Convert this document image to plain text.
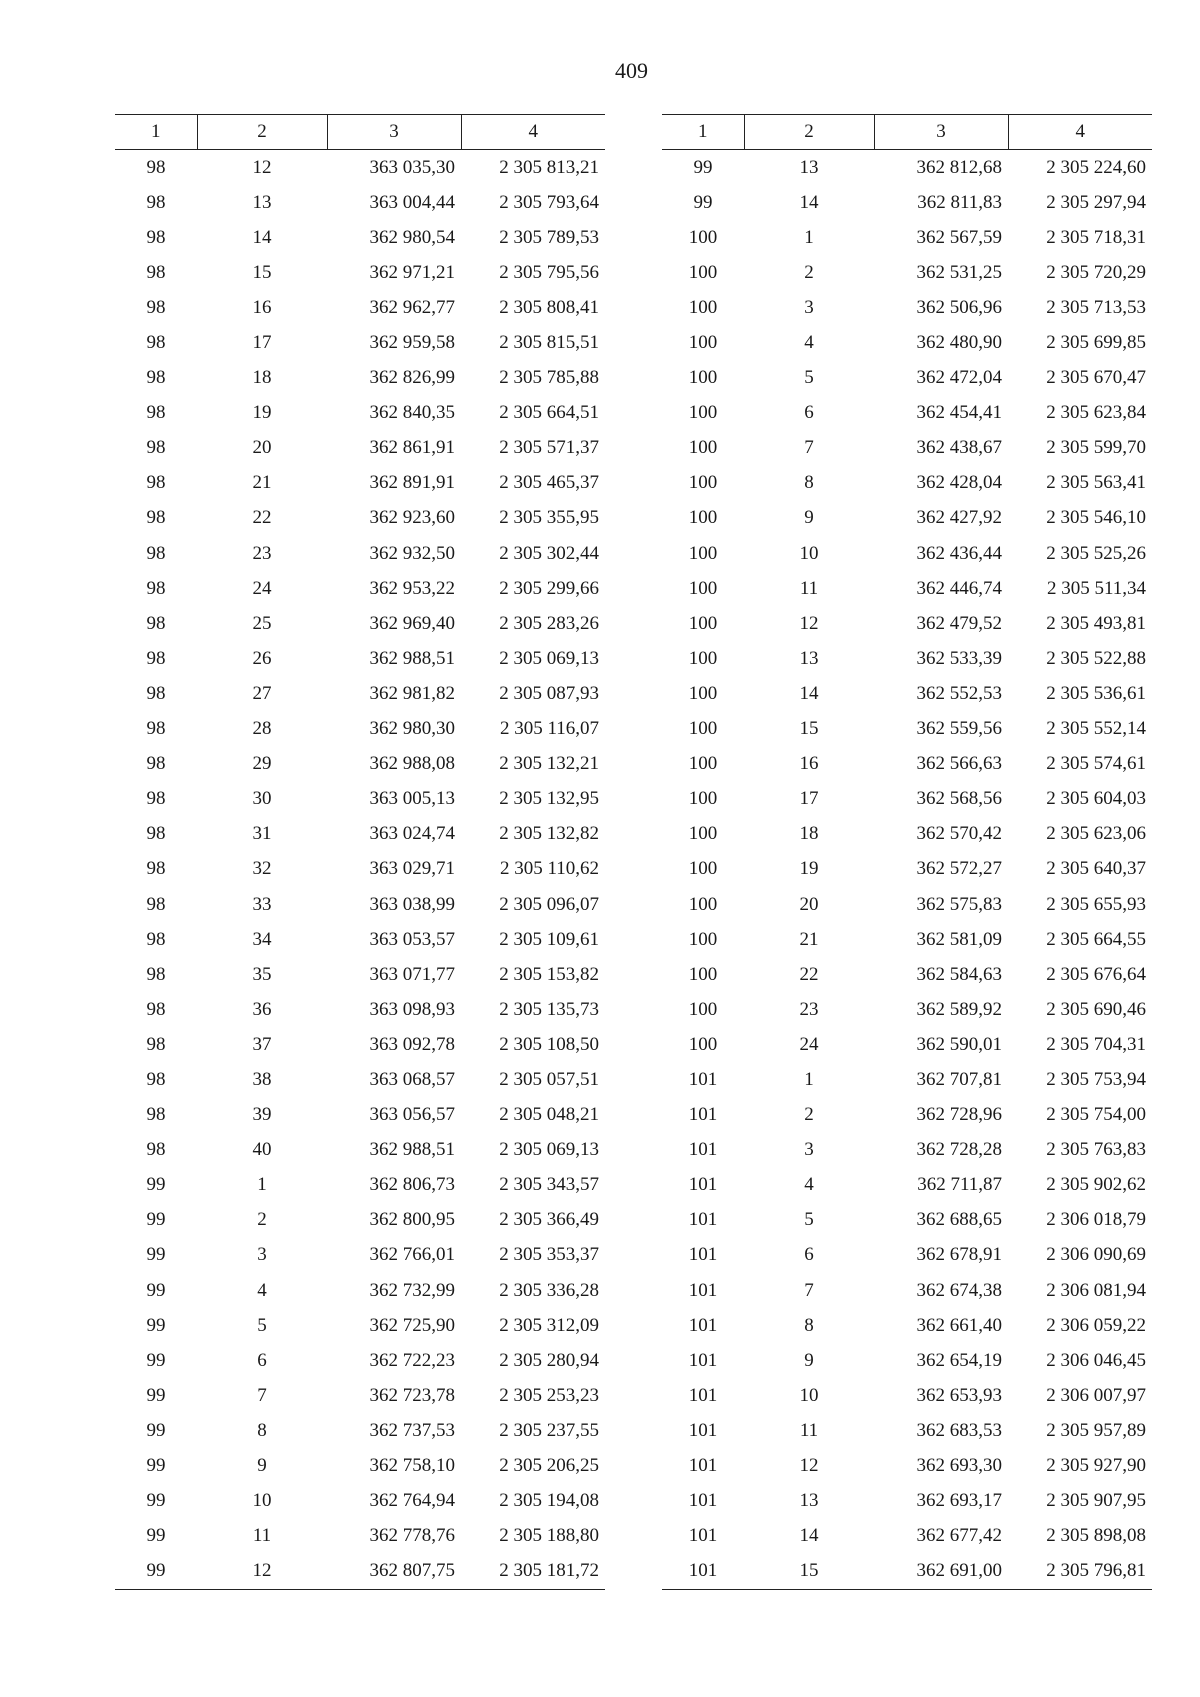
409
1	2	3	4
98	12	363 035,30	2 305 813,21
98	13	363 004,44	2 305 793,64
98	14	362 980,54	2 305 789,53
98	15	362 971,21	2 305 795,56
98	16	362 962,77	2 305 808,41
98	17	362 959,58	2 305 815,51
98	18	362 826,99	2 305 785,88
98	19	362 840,35	2 305 664,51
98	20	362 861,91	2 305 571,37
98	21	362 891,91	2 305 465,37
98	22	362 923,60	2 305 355,95
98	23	362 932,50	2 305 302,44
98	24	362 953,22	2 305 299,66
98	25	362 969,40	2 305 283,26
98	26	362 988,51	2 305 069,13
98	27	362 981,82	2 305 087,93
98	28	362 980,30	2 305 116,07
98	29	362 988,08	2 305 132,21
98	30	363 005,13	2 305 132,95
98	31	363 024,74	2 305 132,82
98	32	363 029,71	2 305 110,62
98	33	363 038,99	2 305 096,07
98	34	363 053,57	2 305 109,61
98	35	363 071,77	2 305 153,82
98	36	363 098,93	2 305 135,73
98	37	363 092,78	2 305 108,50
98	38	363 068,57	2 305 057,51
98	39	363 056,57	2 305 048,21
98	40	362 988,51	2 305 069,13
99	1	362 806,73	2 305 343,57
99	2	362 800,95	2 305 366,49
99	3	362 766,01	2 305 353,37
99	4	362 732,99	2 305 336,28
99	5	362 725,90	2 305 312,09
99	6	362 722,23	2 305 280,94
99	7	362 723,78	2 305 253,23
99	8	362 737,53	2 305 237,55
99	9	362 758,10	2 305 206,25
99	10	362 764,94	2 305 194,08
99	11	362 778,76	2 305 188,80
99	12	362 807,75	2 305 181,72
1	2	3	4
99	13	362 812,68	2 305 224,60
99	14	362 811,83	2 305 297,94
100	1	362 567,59	2 305 718,31
100	2	362 531,25	2 305 720,29
100	3	362 506,96	2 305 713,53
100	4	362 480,90	2 305 699,85
100	5	362 472,04	2 305 670,47
100	6	362 454,41	2 305 623,84
100	7	362 438,67	2 305 599,70
100	8	362 428,04	2 305 563,41
100	9	362 427,92	2 305 546,10
100	10	362 436,44	2 305 525,26
100	11	362 446,74	2 305 511,34
100	12	362 479,52	2 305 493,81
100	13	362 533,39	2 305 522,88
100	14	362 552,53	2 305 536,61
100	15	362 559,56	2 305 552,14
100	16	362 566,63	2 305 574,61
100	17	362 568,56	2 305 604,03
100	18	362 570,42	2 305 623,06
100	19	362 572,27	2 305 640,37
100	20	362 575,83	2 305 655,93
100	21	362 581,09	2 305 664,55
100	22	362 584,63	2 305 676,64
100	23	362 589,92	2 305 690,46
100	24	362 590,01	2 305 704,31
101	1	362 707,81	2 305 753,94
101	2	362 728,96	2 305 754,00
101	3	362 728,28	2 305 763,83
101	4	362 711,87	2 305 902,62
101	5	362 688,65	2 306 018,79
101	6	362 678,91	2 306 090,69
101	7	362 674,38	2 306 081,94
101	8	362 661,40	2 306 059,22
101	9	362 654,19	2 306 046,45
101	10	362 653,93	2 306 007,97
101	11	362 683,53	2 305 957,89
101	12	362 693,30	2 305 927,90
101	13	362 693,17	2 305 907,95
101	14	362 677,42	2 305 898,08
101	15	362 691,00	2 305 796,81
